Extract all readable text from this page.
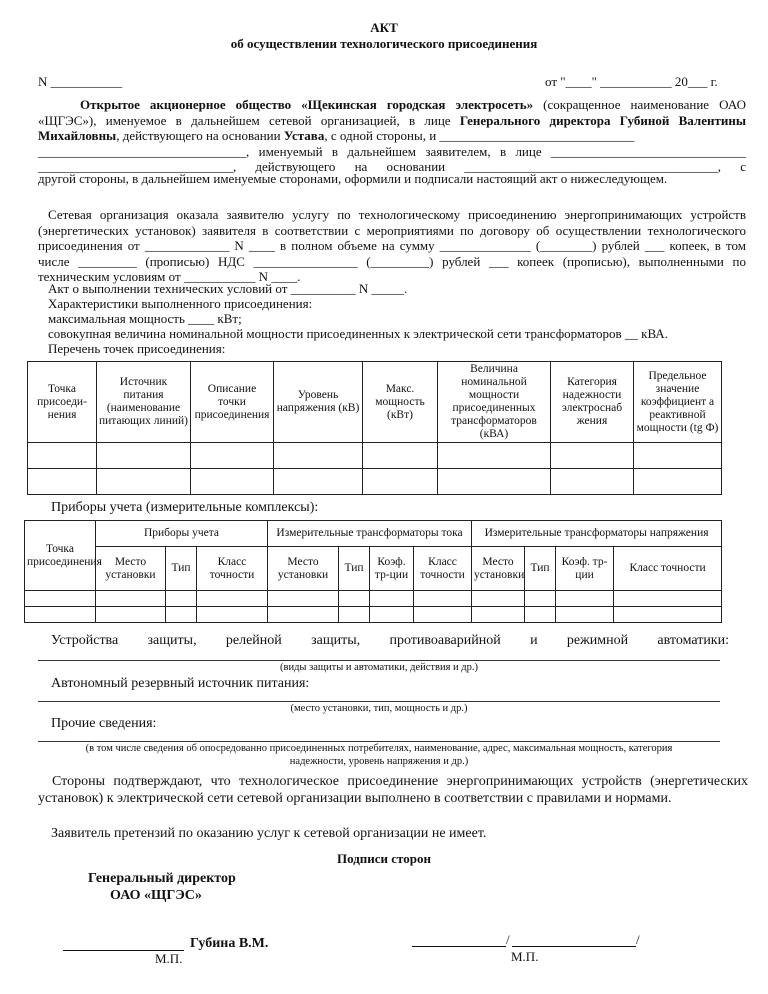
АКТ
об осуществлении технологического присоединения
N ___________	от "____" ___________ 20___ г.
Открытое акционерное общество «Щекинская городская электросеть» (сокращенное наименование ОАО «ЩГЭС»), именуемое в дальнейшем сетевой организацией, в лице Генерального директора Губиной Валентины Михайловны, действующего на основании Устава, с одной стороны, и ______________________________
________________________________, именуемый в дальнейшем заявителем, в лице ______________________________
______________________________, действующего на основании _______________________________________, с
другой стороны, в дальнейшем именуемые сторонами, оформили и подписали настоящий акт о нижеследующем.
Сетевая организация оказала заявителю услугу по технологическому присоединению энергопринимающих устройств (энергетических установок) заявителя в соответствии с мероприятиями по договору об осуществлении технологического присоединения от _____________ N ____ в полном объеме на сумму ______________ (________) рублей ___ копеек, в том числе _________ (прописью) НДС ________________ (_________) рублей ___ копеек (прописью), выполненными по техническим условиям от ___________ N ____.
Акт о выполнении технических условий от __________ N _____.
Характеристики выполненного присоединения:
максимальная мощность ____ кВт;
совокупная величина номинальной мощности присоединенных к электрической сети трансформаторов __ кВА.
Перечень точек присоединения:
Точка присоеди-нения	Источник питания (наименование питающих линий)	Описание точки присоединения	Уровень напряжения (кВ)	Макс. мощность (кВт)	Величина номинальной мощности присоединенных трансформаторов (кВА)	Категория надежности электроснаб жения	Предельное значение коэффициент а реактивной мощности (tg Ф)

Приборы учета (измерительные комплексы):
Точка присоединения	Приборы учета			Измерительные трансформаторы тока				Измерительные трансформаторы напряжения			
	Место установки	Тип	Класс точности	Место установки	Тип	Коэф. тр-ции	Класс точности	Место установки	Тип	Коэф. тр-ции	Класс точности

Устройства защиты, релейной защиты, противоаварийной и режимной автоматики:
(виды защиты и автоматики, действия и др.)
Автономный резервный источник питания:
(место установки, тип, мощность и др.)
Прочие сведения:
(в том числе сведения об опосредованно присоединенных потребителях, наименование, адрес, максимальная мощность, категория
надежности, уровень напряжения и др.)
Стороны подтверждают, что технологическое присоединение энергопринимающих устройств (энергетических установок) к электрической сети сетевой организации выполнено в соответствии с правилами и нормами.
Заявитель претензий по оказанию услуг к сетевой организации не имеет.
Подписи сторон
Генеральный директор
ОАО «ЩГЭС»
Губина В.М.
М.П.
/	/
М.П.
